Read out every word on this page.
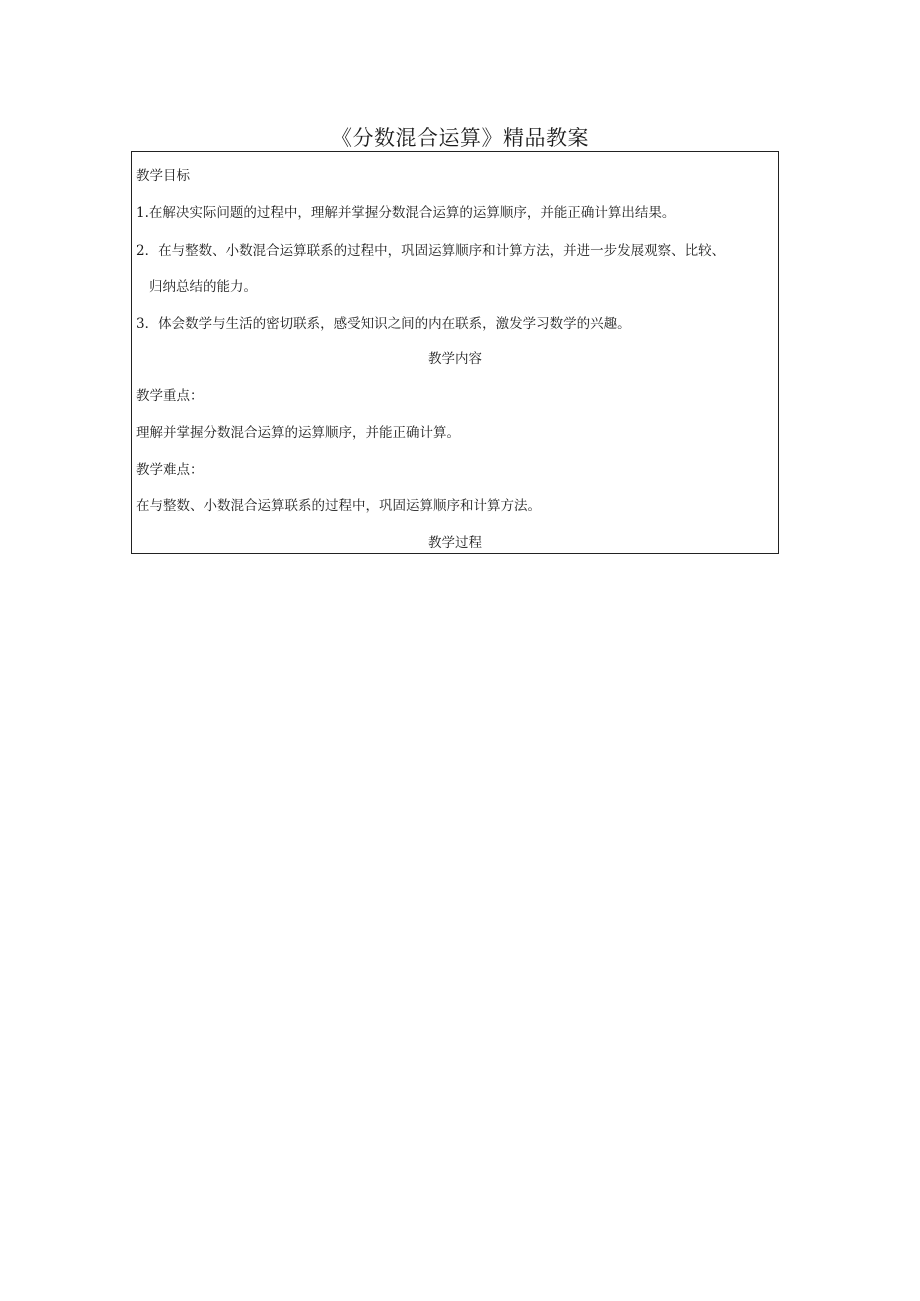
《分数混合运算》精品教案
教学目标
1.在解决实际问题的过程中，理解并掌握分数混合运算的运算顺序，并能正确计算出结果。
2．在与整数、小数混合运算联系的过程中，巩固运算顺序和计算方法，并进一步发展观察、比较、
归纳总结的能力。
3．体会数学与生活的密切联系，感受知识之间的内在联系，激发学习数学的兴趣。
教学内容
教学重点：
理解并掌握分数混合运算的运算顺序，并能正确计算。
教学难点：
在与整数、小数混合运算联系的过程中，巩固运算顺序和计算方法。
教学过程
